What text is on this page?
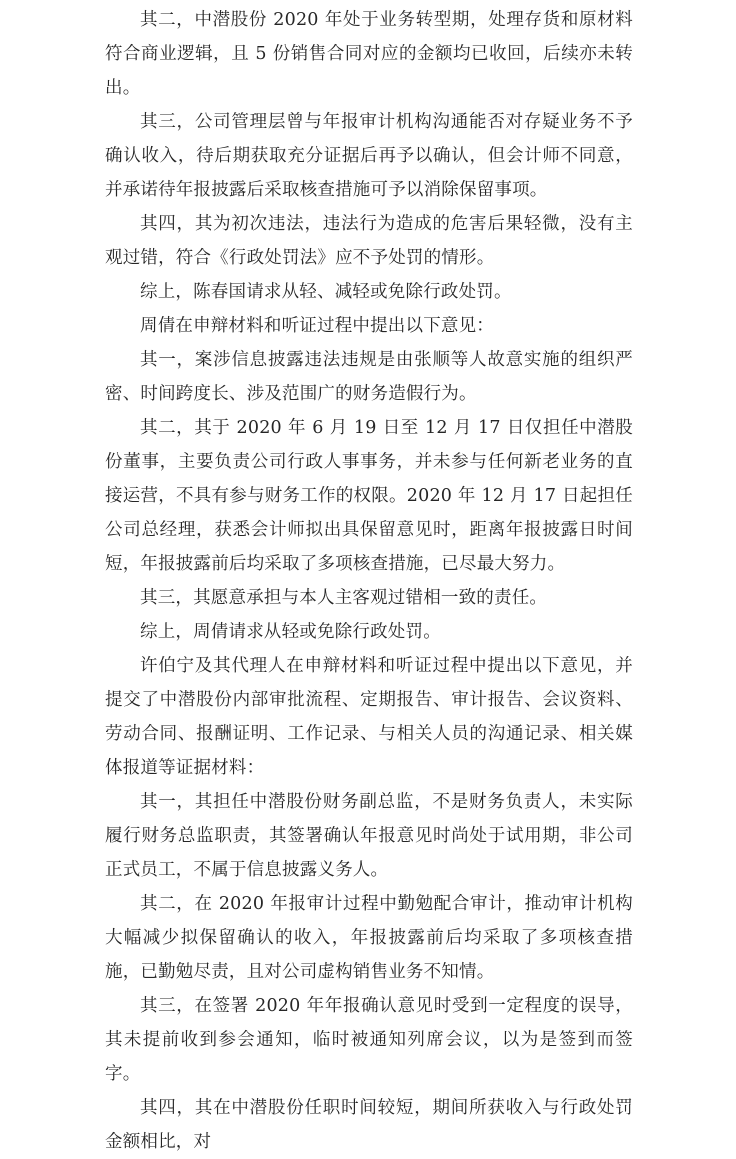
其二，中潜股份 2020 年处于业务转型期，处理存货和原材料符合商业逻辑，且 5 份销售合同对应的金额均已收回，后续亦未转出。

其三，公司管理层曾与年报审计机构沟通能否对存疑业务不予确认收入，待后期获取充分证据后再予以确认，但会计师不同意，并承诺待年报披露后采取核查措施可予以消除保留事项。

其四，其为初次违法，违法行为造成的危害后果轻微，没有主观过错，符合《行政处罚法》应不予处罚的情形。

综上，陈春国请求从轻、减轻或免除行政处罚。

周倩在申辩材料和听证过程中提出以下意见：

其一，案涉信息披露违法违规是由张顺等人故意实施的组织严密、时间跨度长、涉及范围广的财务造假行为。

其二，其于 2020 年 6 月 19 日至 12 月 17 日仅担任中潜股份董事，主要负责公司行政人事事务，并未参与任何新老业务的直接运营，不具有参与财务工作的权限。2020 年 12 月 17 日起担任公司总经理，获悉会计师拟出具保留意见时，距离年报披露日时间短，年报披露前后均采取了多项核查措施，已尽最大努力。

其三，其愿意承担与本人主客观过错相一致的责任。

综上，周倩请求从轻或免除行政处罚。

许伯宁及其代理人在申辩材料和听证过程中提出以下意见，并提交了中潜股份内部审批流程、定期报告、审计报告、会议资料、劳动合同、报酬证明、工作记录、与相关人员的沟通记录、相关媒体报道等证据材料：

其一，其担任中潜股份财务副总监，不是财务负责人，未实际履行财务总监职责，其签署确认年报意见时尚处于试用期，非公司正式员工，不属于信息披露义务人。

其二，在 2020 年报审计过程中勤勉配合审计，推动审计机构大幅减少拟保留确认的收入，年报披露前后均采取了多项核查措施，已勤勉尽责，且对公司虚构销售业务不知情。

其三，在签署 2020 年年报确认意见时受到一定程度的误导，其未提前收到参会通知，临时被通知列席会议，以为是签到而签字。

其四，其在中潜股份任职时间较短，期间所获收入与行政处罚金额相比，对
